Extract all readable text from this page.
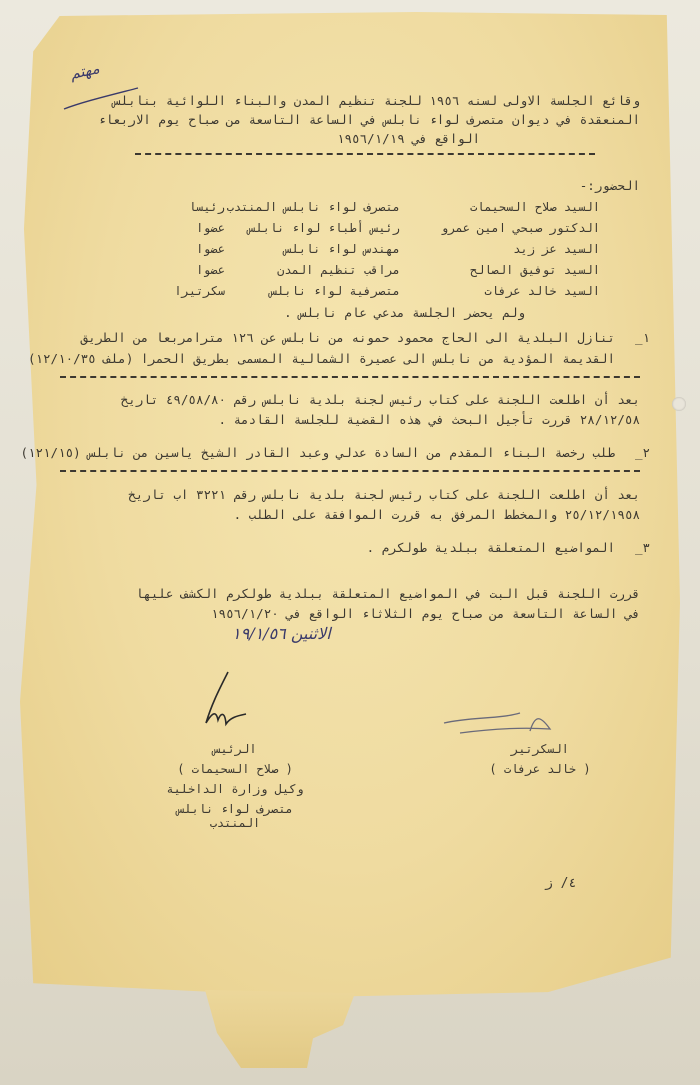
مهتم
وقائع الجلسة الاولى لسنه ١٩٥٦ للجنة تنظيم المدن والبناء اللوائية بنابلس
المنعقدة في ديوان متصرف لواء نابلس في الساعة التاسعة من صباح يوم الاربعاء
الواقع في ١٩٥٦/١/١٩
الحضور:-
السيد صلاح السحيمات
متصرف لواء نابلس المنتدب
رئيسا
الدكتور صبحي امين عمرو
رئيس أطباء لواء نابلس
عضوا
السيد عز زيد
مهندس لواء نابلس
عضوا
السيد توفيق الصالح
مراقب تنظيم المدن
عضوا
السيد خالد عرفات
متصرفية لواء نابلس
سكرتيرا
ولم يحضر الجلسة مدعي عام نابلس .
١_
تنازل البلدية الى الحاج محمود حمونه من نابلس عن ١٢٦ مترامربعا من الطريق
القديمة المؤدية من نابلس الى عصيرة الشمالية المسمى بطريق الحمرا (ملف ١٢/١٠/٣٥)
بعد أن اطلعت اللجنة على كتاب رئيس لجنة بلدية نابلس رقم ٤٩/٥٨/٨٠ تاريخ
٢٨/١٢/٥٨ قررت تأجيل البحث في هذه القضية للجلسة القادمة .
٢_
طلب رخصة البناء المقدم من السادة عدلي وعبد القادر الشيخ ياسين من نابلس (١٢١/١٥)
بعد أن اطلعت اللجنة على كتاب رئيس لجنة بلدية نابلس رقم ٣٢٢١ اب تاريخ
٢٥/١٢/١٩٥٨ والمخطط المرفق به قررت الموافقة على الطلب .
٣_
المواضيع المتعلقة ببلدية طولكرم .
قررت اللجنة قبل البت في المواضيع المتعلقة ببلدية طولكرم الكشف عليها
في الساعة التاسعة من صباح يوم الثلاثاء الواقع في ١٩٥٦/١/٢٠
الاثنين ١٩/١/٥٦
السكرتير
( خالد عرفات )
الرئيس
( صلاح السحيمات )
وكيل وزارة الداخلية
متصرف لواء نابلس المنتدب
٤/ ز
